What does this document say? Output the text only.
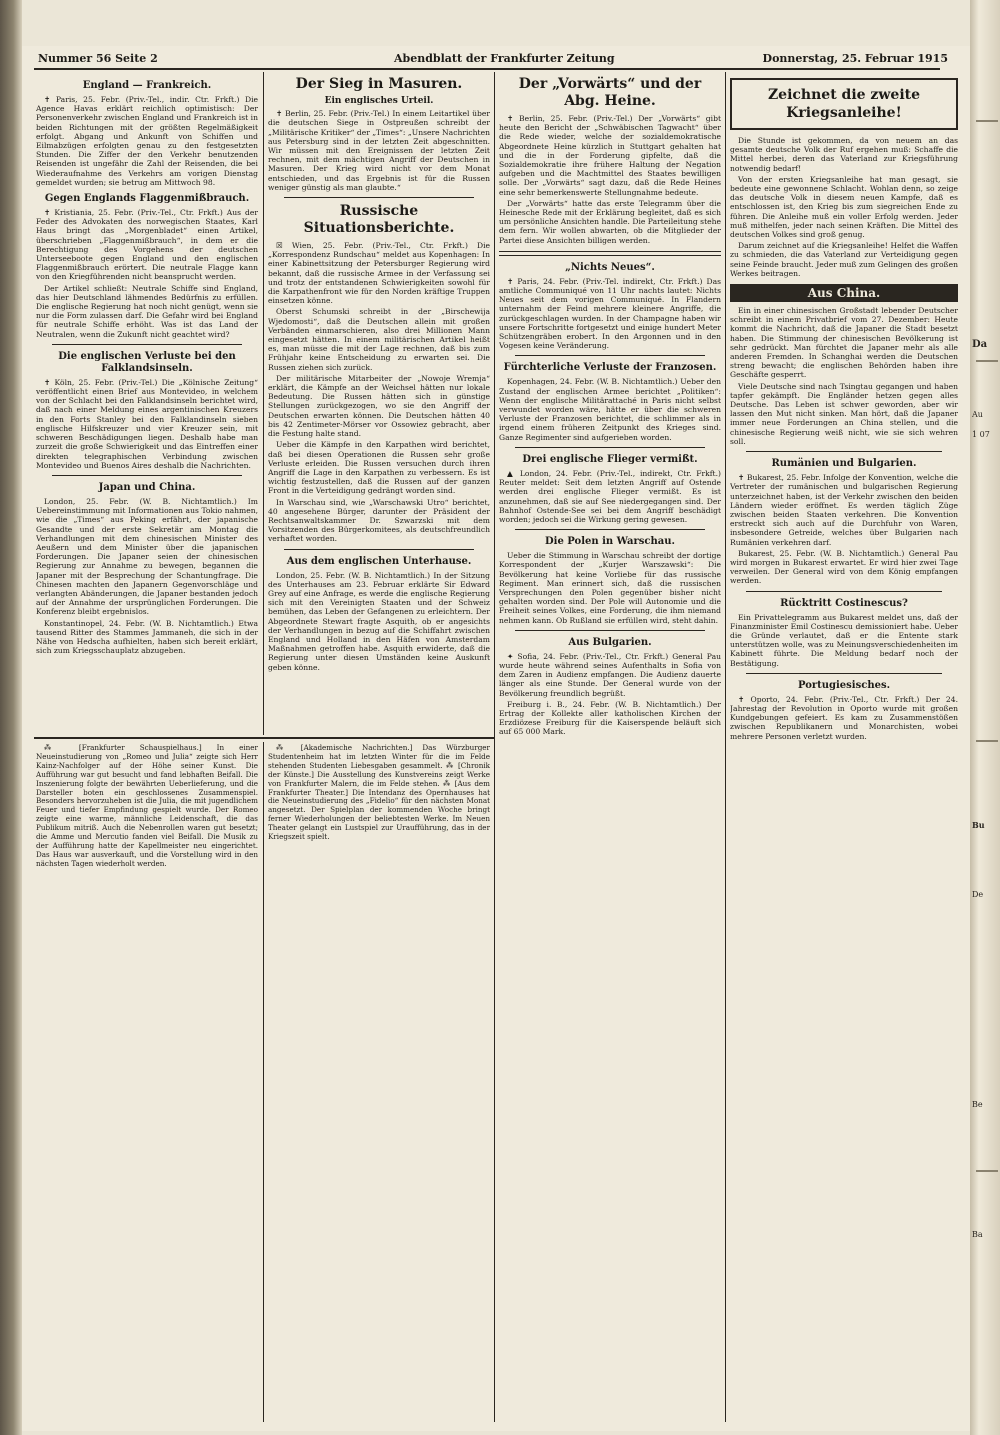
Nummer 56 Seite 2	Abendblatt der Frankfurter Zeitung	Donnerstag, 25. Februar 1915
England — Frankreich.

✝ Paris, 25. Febr. (Priv.-Tel., indir. Ctr. Frkft.) Die Agence Havas erklärt reichlich optimistisch: Der Personenverkehr zwischen England und Frankreich ist in beiden Richtungen mit der größten Regelmäßigkeit erfolgt. Abgang und Ankunft von Schiffen und Eilmabzügen erfolgten genau zu den festgesetzten Stunden. Die Ziffer der den Verkehr benutzenden Reisenden ist ungefähr die Zahl der Reisenden, die bei Wiederaufnahme des Verkehrs am vorigen Dienstag gemeldet wurden; sie betrug am Mittwoch 98.

Gegen Englands Flaggenmißbrauch.

✝ Kristiania, 25. Febr. (Priv.-Tel., Ctr. Frkft.) Aus der Feder des Advokaten des norwegischen Staates, Karl Haus bringt das „Morgenbladet“ einen Artikel, überschrieben „Flaggenmißbrauch“, in dem er die Berechtigung des Vorgehens der deutschen Unterseeboote gegen England und den englischen Flaggenmißbrauch erörtert. Die neutrale Flagge kann von den Kriegführenden nicht beansprucht werden.

Der Artikel schließt: Neutrale Schiffe sind England, das hier Deutschland lähmendes Bedürfnis zu erfüllen. Die englische Regierung hat noch nicht genügt, wenn sie nur die Form zulassen darf. Die Gefahr wird bei England für neutrale Schiffe erhöht. Was ist das Land der Neutralen, wenn die Zukunft nicht geachtet wird?

Die englischen Verluste bei den Falklandsinseln.

✝ Köln, 25. Febr. (Priv.-Tel.) Die „Kölnische Zeitung“ veröffentlicht einen Brief aus Montevideo, in welchem von der Schlacht bei den Falklandsinseln berichtet wird, daß nach einer Meldung eines argentinischen Kreuzers in den Forts Stanley bei den Falklandinseln sieben englische Hilfskreuzer und vier Kreuzer sein, mit schweren Beschädigungen liegen. Deshalb habe man zurzeit die große Schwierigkeit und das Eintreffen einer direkten telegraphischen Verbindung zwischen Montevideo und Buenos Aires deshalb die Nachrichten.

Japan und China.

London, 25. Febr. (W. B. Nichtamtlich.) Im Uebereinstimmung mit Informationen aus Tokio nahmen, wie die „Times“ aus Peking erfährt, der japanische Gesandte und der erste Sekretär am Montag die Verhandlungen mit dem chinesischen Minister des Aeußern und dem Minister über die japanischen Forderungen. Die Japaner seien der chinesischen Regierung zur Annahme zu bewegen, begannen die Japaner mit der Besprechung der Schantungfrage. Die Chinesen machten den Japanern Gegenvorschläge und verlangten Abänderungen, die Japaner bestanden jedoch auf der Annahme der ursprünglichen Forderungen. Die Konferenz bleibt ergebnislos.

Konstantinopel, 24. Febr. (W. B. Nichtamtlich.) Etwa tausend Ritter des Stammes Jammaneh, die sich in der Nähe von Hedscha aufhielten, haben sich bereit erklärt, sich zum Kriegsschauplatz abzugeben.

Der Sieg in Masuren.
Ein englisches Urteil.

✝ Berlin, 25. Febr. (Priv.-Tel.) In einem Leitartikel über die deutschen Siege in Ostpreußen schreibt der „Militärische Kritiker“ der „Times“: „Unsere Nachrichten aus Petersburg sind in der letzten Zeit abgeschnitten. Wir müssen mit den Ereignissen der letzten Zeit rechnen, mit dem mächtigen Angriff der Deutschen in Masuren. Der Krieg wird nicht vor dem Monat entschieden, und das Ergebnis ist für die Russen weniger günstig als man glaubte.“

Russische Situationsberichte.

☒ Wien, 25. Febr. (Priv.-Tel., Ctr. Frkft.) Die „Korrespondenz Rundschau“ meldet aus Kopenhagen: In einer Kabinettsitzung der Petersburger Regierung wird bekannt, daß die russische Armee in der Verfassung sei und trotz der entstandenen Schwierigkeiten sowohl für die Karpathenfront wie für den Norden kräftige Truppen einsetzen könne.

Oberst Schumski schreibt in der „Birschewija Wjedomosti“, daß die Deutschen allein mit großen Verbänden einmarschieren, also drei Millionen Mann eingesetzt hätten. In einem militärischen Artikel heißt es, man müsse die mit der Lage rechnen, daß bis zum Frühjahr keine Entscheidung zu erwarten sei. Die Russen ziehen sich zurück.

Der militärische Mitarbeiter der „Nowoje Wremja“ erklärt, die Kämpfe an der Weichsel hätten nur lokale Bedeutung. Die Russen hätten sich in günstige Stellungen zurückgezogen, wo sie den Angriff der Deutschen erwarten können. Die Deutschen hätten 40 bis 42 Zentimeter-Mörser vor Ossowiez gebracht, aber die Festung halte stand.

Ueber die Kämpfe in den Karpathen wird berichtet, daß bei diesen Operationen die Russen sehr große Verluste erleiden. Die Russen versuchen durch ihren Angriff die Lage in den Karpathen zu verbessern. Es ist wichtig festzustellen, daß die Russen auf der ganzen Front in die Verteidigung gedrängt worden sind.

In Warschau sind, wie „Warschawski Utro“ berichtet, 40 angesehene Bürger, darunter der Präsident der Rechtsanwaltskammer Dr. Szwarzski mit dem Vorsitzenden des Bürgerkomitees, als deutschfreundlich verhaftet worden.

Aus dem englischen Unterhause.

London, 25. Febr. (W. B. Nichtamtlich.) In der Sitzung des Unterhauses am 23. Februar erklärte Sir Edward Grey auf eine Anfrage, es werde die englische Regierung sich mit den Vereinigten Staaten und der Schweiz bemühen, das Leben der Gefangenen zu erleichtern. Der Abgeordnete Stewart fragte Asquith, ob er angesichts der Verhandlungen in bezug auf die Schiffahrt zwischen England und Holland in den Häfen von Amsterdam Maßnahmen getroffen habe. Asquith erwiderte, daß die Regierung unter diesen Umständen keine Auskunft geben könne.

⁂ [Frankfurter Schauspielhaus.] In einer Neueinstudierung von „Romeo und Julia“ zeigte sich Herr Kainz-Nachfolger auf der Höhe seiner Kunst. Die Aufführung war gut besucht und fand lebhaften Beifall. Die Inszenierung folgte der bewährten Ueberlieferung, und die Darsteller boten ein geschlossenes Zusammenspiel. Besonders hervorzuheben ist die Julia, die mit jugendlichem Feuer und tiefer Empfindung gespielt wurde. Der Romeo zeigte eine warme, männliche Leidenschaft, die das Publikum mitriß. Auch die Nebenrollen waren gut besetzt; die Amme und Mercutio fanden viel Beifall. Die Musik zu der Aufführung hatte der Kapellmeister neu eingerichtet. Das Haus war ausverkauft, und die Vorstellung wird in den nächsten Tagen wiederholt werden.

⁂ [Akademische Nachrichten.] Das Würzburger Studentenheim hat im letzten Winter für die im Felde stehenden Studenten Liebesgaben gesammelt. ⁂ [Chronik der Künste.] Die Ausstellung des Kunstvereins zeigt Werke von Frankfurter Malern, die im Felde stehen. ⁂ [Aus dem Frankfurter Theater.] Die Intendanz des Opernhauses hat die Neueinstudierung des „Fidelio“ für den nächsten Monat angesetzt. Der Spielplan der kommenden Woche bringt ferner Wiederholungen der beliebtesten Werke. Im Neuen Theater gelangt ein Lustspiel zur Uraufführung, das in der Kriegszeit spielt.

Der „Vorwärts“ und der Abg. Heine.

✝ Berlin, 25. Febr. (Priv.-Tel.) Der „Vorwärts“ gibt heute den Bericht der „Schwäbischen Tagwacht“ über die Rede wieder, welche der sozialdemokratische Abgeordnete Heine kürzlich in Stuttgart gehalten hat und die in der Forderung gipfelte, daß die Sozialdemokratie ihre frühere Haltung der Negation aufgeben und die Machtmittel des Staates bewilligen solle. Der „Vorwärts“ sagt dazu, daß die Rede Heines eine sehr bemerkenswerte Stellungnahme bedeute.

Der „Vorwärts“ hatte das erste Telegramm über die Heinesche Rede mit der Erklärung begleitet, daß es sich um persönliche Ansichten handle. Die Parteileitung stehe dem fern. Wir wollen abwarten, ob die Mitglieder der Partei diese Ansichten billigen werden.

„Nichts Neues“.

✝ Paris, 24. Febr. (Priv.-Tel. indirekt, Ctr. Frkft.) Das amtliche Communiqué von 11 Uhr nachts lautet: Nichts Neues seit dem vorigen Communiqué. In Flandern unternahm der Feind mehrere kleinere Angriffe, die zurückgeschlagen wurden. In der Champagne haben wir unsere Fortschritte fortgesetzt und einige hundert Meter Schützengräben erobert. In den Argonnen und in den Vogesen keine Veränderung.

Fürchterliche Verluste der Franzosen.

Kopenhagen, 24. Febr. (W. B. Nichtamtlich.) Ueber den Zustand der englischen Armee berichtet „Politiken“: Wenn der englische Militärattaché in Paris nicht selbst verwundet worden wäre, hätte er über die schweren Verluste der Franzosen berichtet, die schlimmer als in irgend einem früheren Zeitpunkt des Krieges sind. Ganze Regimenter sind aufgerieben worden.

Drei englische Flieger vermißt.

▲ London, 24. Febr. (Priv.-Tel., indirekt, Ctr. Frkft.) Reuter meldet: Seit dem letzten Angriff auf Ostende werden drei englische Flieger vermißt. Es ist anzunehmen, daß sie auf See niedergegangen sind. Der Bahnhof Ostende-See sei bei dem Angriff beschädigt worden; jedoch sei die Wirkung gering gewesen.

Die Polen in Warschau.

Ueber die Stimmung in Warschau schreibt der dortige Korrespondent der „Kurjer Warszawski“: Die Bevölkerung hat keine Vorliebe für das russische Regiment. Man erinnert sich, daß die russischen Versprechungen den Polen gegenüber bisher nicht gehalten worden sind. Der Pole will Autonomie und die Freiheit seines Volkes, eine Forderung, die ihm niemand nehmen kann. Ob Rußland sie erfüllen wird, steht dahin.

Aus Bulgarien.

✦ Sofia, 24. Febr. (Priv.-Tel., Ctr. Frkft.) General Pau wurde heute während seines Aufenthalts in Sofia von dem Zaren in Audienz empfangen. Die Audienz dauerte länger als eine Stunde. Der General wurde von der Bevölkerung freundlich begrüßt.

Freiburg i. B., 24. Febr. (W. B. Nichtamtlich.) Der Ertrag der Kollekte aller katholischen Kirchen der Erzdiözese Freiburg für die Kaiserspende beläuft sich auf 65 000 Mark.

Zeichnet die zweite Kriegsanleihe!

Die Stunde ist gekommen, da von neuem an das gesamte deutsche Volk der Ruf ergehen muß: Schaffe die Mittel herbei, deren das Vaterland zur Kriegsführung notwendig bedarf!

Von der ersten Kriegsanleihe hat man gesagt, sie bedeute eine gewonnene Schlacht. Wohlan denn, so zeige das deutsche Volk in diesem neuen Kampfe, daß es entschlossen ist, den Krieg bis zum siegreichen Ende zu führen. Die Anleihe muß ein voller Erfolg werden. Jeder muß mithelfen, jeder nach seinen Kräften. Die Mittel des deutschen Volkes sind groß genug.

Darum zeichnet auf die Kriegsanleihe! Helfet die Waffen zu schmieden, die das Vaterland zur Verteidigung gegen seine Feinde braucht. Jeder muß zum Gelingen des großen Werkes beitragen.

Aus China.

Ein in einer chinesischen Großstadt lebender Deutscher schreibt in einem Privatbrief vom 27. Dezember: Heute kommt die Nachricht, daß die Japaner die Stadt besetzt haben. Die Stimmung der chinesischen Bevölkerung ist sehr gedrückt. Man fürchtet die Japaner mehr als alle anderen Fremden. In Schanghai werden die Deutschen streng bewacht; die englischen Behörden haben ihre Geschäfte gesperrt.

Viele Deutsche sind nach Tsingtau gegangen und haben tapfer gekämpft. Die Engländer hetzen gegen alles Deutsche. Das Leben ist schwer geworden, aber wir lassen den Mut nicht sinken. Man hört, daß die Japaner immer neue Forderungen an China stellen, und die chinesische Regierung weiß nicht, wie sie sich wehren soll.

Rumänien und Bulgarien.

✝ Bukarest, 25. Febr. Infolge der Konvention, welche die Vertreter der rumänischen und bulgarischen Regierung unterzeichnet haben, ist der Verkehr zwischen den beiden Ländern wieder eröffnet. Es werden täglich Züge zwischen beiden Staaten verkehren. Die Konvention erstreckt sich auch auf die Durchfuhr von Waren, insbesondere Getreide, welches über Bulgarien nach Rumänien verkehren darf.

Bukarest, 25. Febr. (W. B. Nichtamtlich.) General Pau wird morgen in Bukarest erwartet. Er wird hier zwei Tage verweilen. Der General wird von dem König empfangen werden.

Rücktritt Costinescus?

Ein Privattelegramm aus Bukarest meldet uns, daß der Finanzminister Emil Costinescu demissioniert habe. Ueber die Gründe verlautet, daß er die Entente stark unterstützen wolle, was zu Meinungsverschiedenheiten im Kabinett führte. Die Meldung bedarf noch der Bestätigung.

Portugiesisches.

✝ Oporto, 24. Febr. (Priv.-Tel., Ctr. Frkft.) Der 24. Jahrestag der Revolution in Oporto wurde mit großen Kundgebungen gefeiert. Es kam zu Zusammenstößen zwischen Republikanern und Monarchisten, wobei mehrere Personen verletzt wurden.

Da
Au
1 07
Bu
De
Be
Ba
